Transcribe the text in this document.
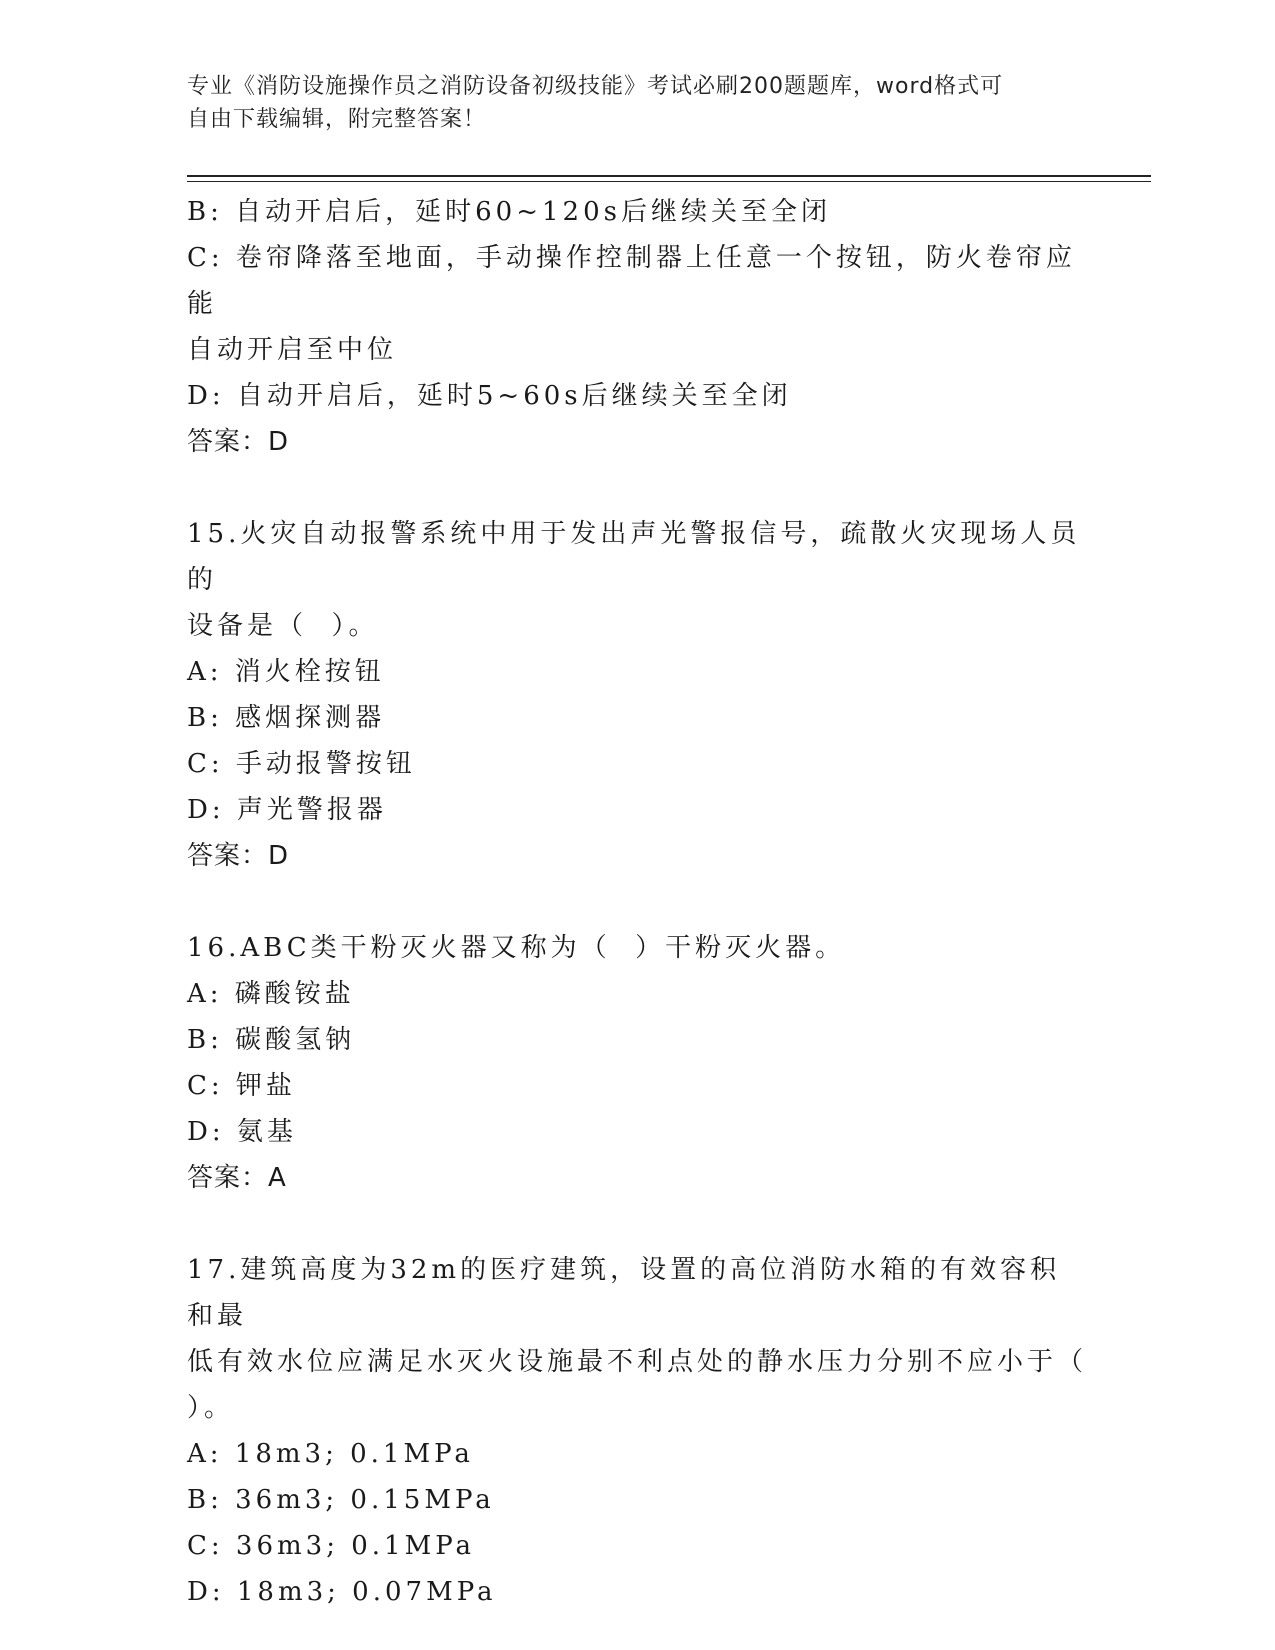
专业《消防设施操作员之消防设备初级技能》考试必刷200题题库，word格式可
自由下载编辑，附完整答案！
B: 自动开启后，延时60~120s后继续关至全闭
C: 卷帘降落至地面，手动操作控制器上任意一个按钮，防火卷帘应能
自动开启至中位
D: 自动开启后，延时5~60s后继续关至全闭
答案：D
15.火灾自动报警系统中用于发出声光警报信号，疏散火灾现场人员的
设备是（  ）。
A: 消火栓按钮
B: 感烟探测器
C: 手动报警按钮
D: 声光警报器
答案：D
16.ABC类干粉灭火器又称为（  ）干粉灭火器。
A: 磷酸铵盐
B: 碳酸氢钠
C: 钾盐
D: 氨基
答案：A
17.建筑高度为32m的医疗建筑，设置的高位消防水箱的有效容积和最
低有效水位应满足水灭火设施最不利点处的静水压力分别不应小于（
）。
A: 18m3; 0.1MPa
B: 36m3; 0.15MPa
C: 36m3; 0.1MPa
D: 18m3; 0.07MPa
